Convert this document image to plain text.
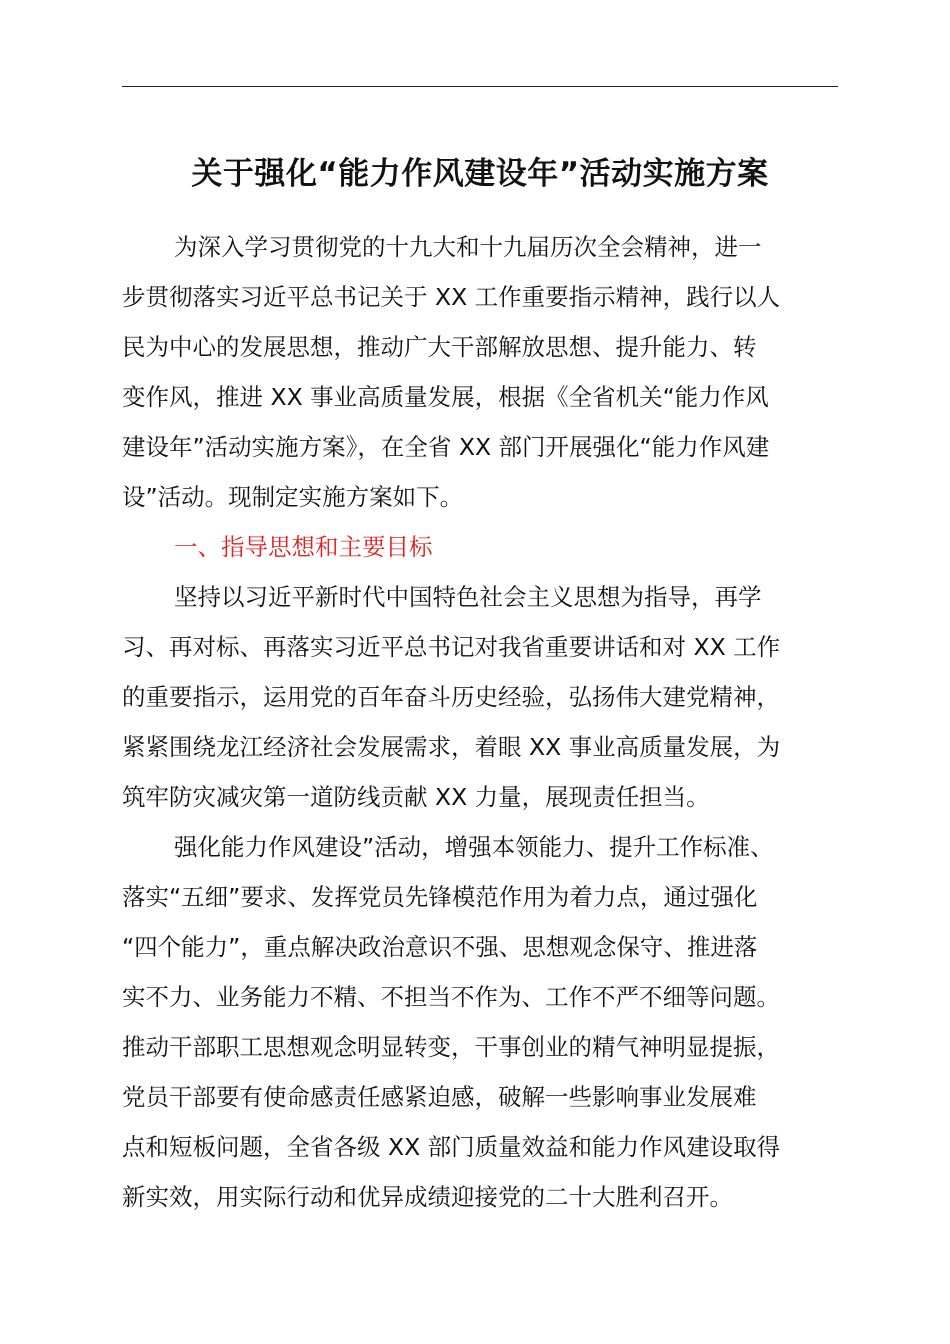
关于强化“能力作风建设年”活动实施方案
为深入学习贯彻党的十九大和十九届历次全会精神，进一
步贯彻落实习近平总书记关于 XX 工作重要指示精神，践行以人
民为中心的发展思想，推动广大干部解放思想、提升能力、转
变作风，推进 XX 事业高质量发展，根据《全省机关“能力作风
建设年”活动实施方案》，在全省 XX 部门开展强化“能力作风建
设”活动。现制定实施方案如下。
一、指导思想和主要目标
坚持以习近平新时代中国特色社会主义思想为指导，再学
习、再对标、再落实习近平总书记对我省重要讲话和对 XX 工作
的重要指示，运用党的百年奋斗历史经验，弘扬伟大建党精神，
紧紧围绕龙江经济社会发展需求，着眼 XX 事业高质量发展，为
筑牢防灾减灾第一道防线贡献 XX 力量，展现责任担当。
强化能力作风建设”活动，增强本领能力、提升工作标准、
落实“五细”要求、发挥党员先锋模范作用为着力点，通过强化
“四个能力”，重点解决政治意识不强、思想观念保守、推进落
实不力、业务能力不精、不担当不作为、工作不严不细等问题。
推动干部职工思想观念明显转变，干事创业的精气神明显提振，
党员干部要有使命感责任感紧迫感，破解一些影响事业发展难
点和短板问题，全省各级 XX 部门质量效益和能力作风建设取得
新实效，用实际行动和优异成绩迎接党的二十大胜利召开。
